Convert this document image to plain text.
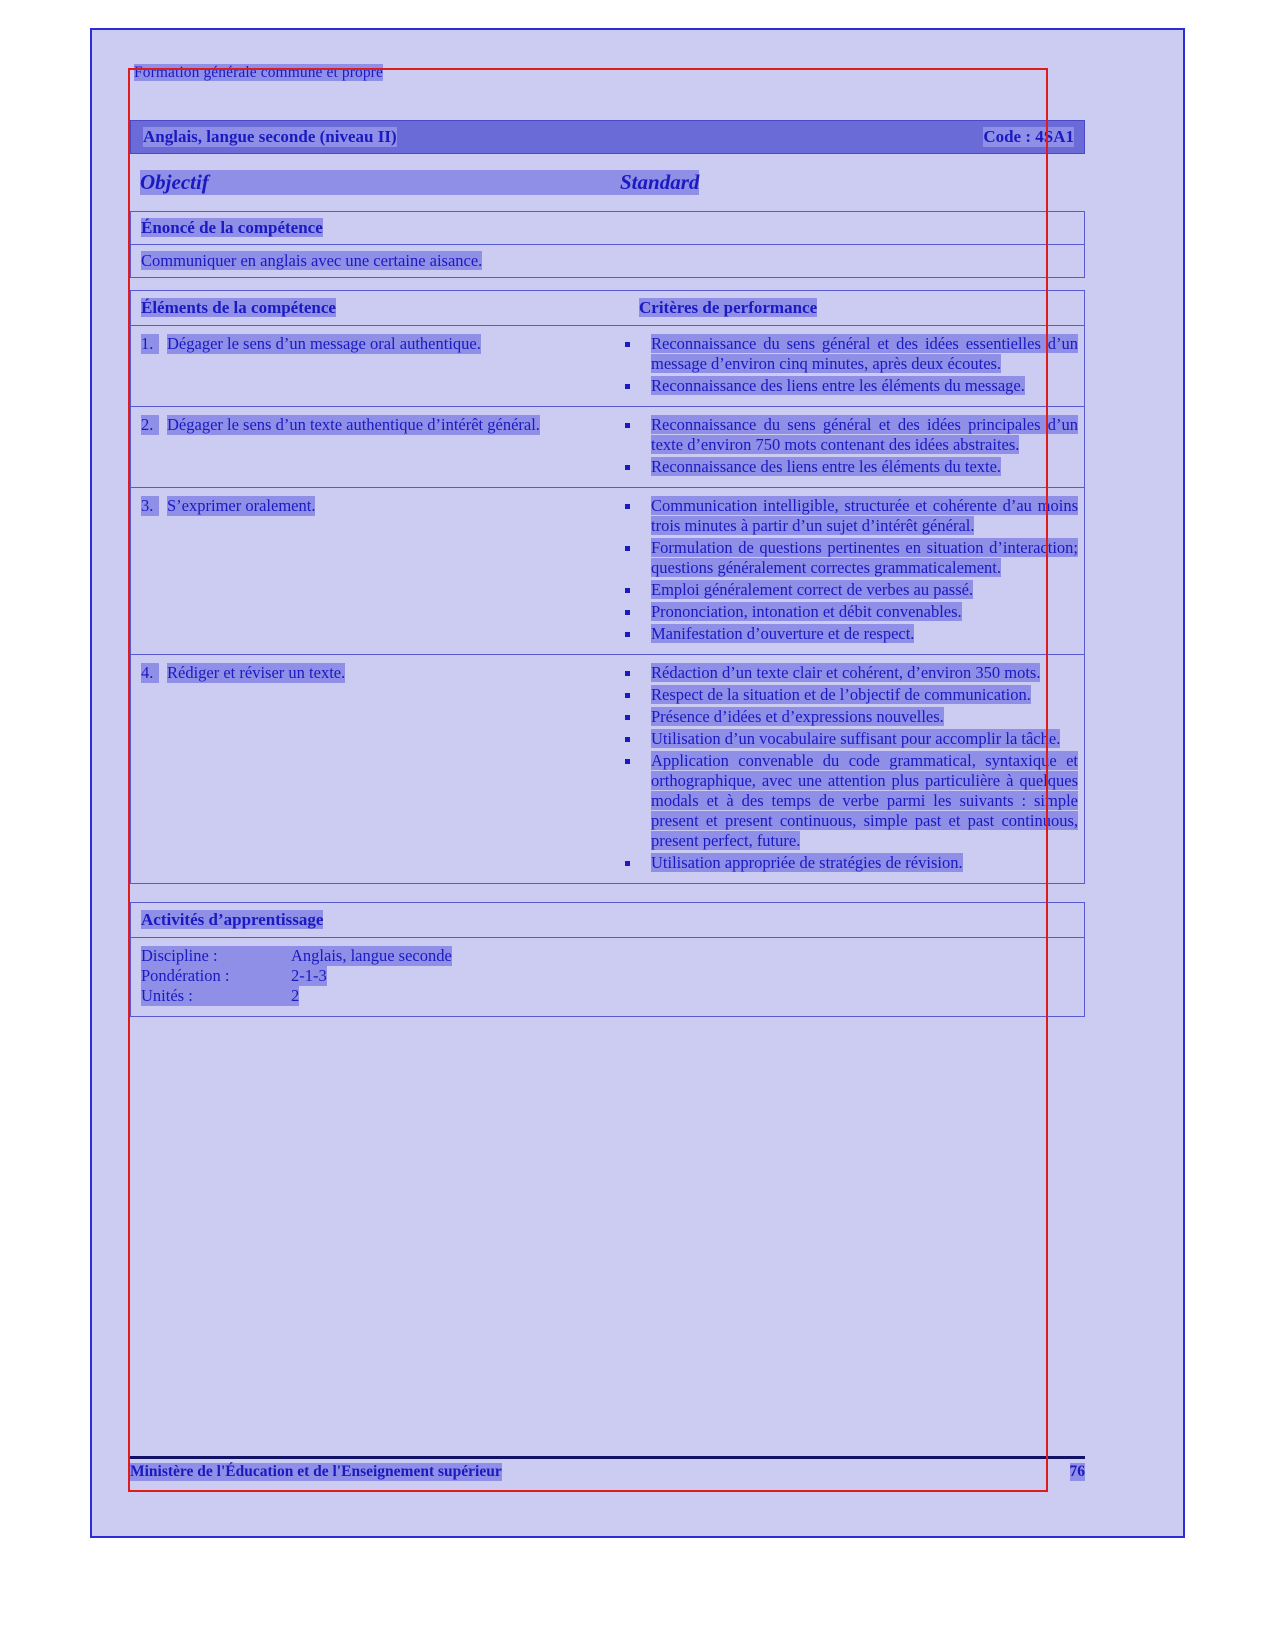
Formation générale commune et propre
Anglais, langue seconde (niveau II)	Code : 4SA1
Objectif	Standard
Énoncé de la compétence
Communiquer en anglais avec une certaine aisance.
Éléments de la compétence	Critères de performance
1. Dégager le sens d’un message oral authentique.	Reconnaissance du sens général et des idées essentielles d’un message d’environ cinq minutes, après deux écoutes.
Reconnaissance des liens entre les éléments du message.
2. Dégager le sens d’un texte authentique d’intérêt général.	Reconnaissance du sens général et des idées principales d’un texte d’environ 750 mots contenant des idées abstraites.
Reconnaissance des liens entre les éléments du texte.
3. S’exprimer oralement.	Communication intelligible, structurée et cohérente d’au moins trois minutes à partir d’un sujet d’intérêt général.
Formulation de questions pertinentes en situation d’interaction; questions généralement correctes grammaticalement.
Emploi généralement correct de verbes au passé.
Prononciation, intonation et débit convenables.
Manifestation d’ouverture et de respect.
4. Rédiger et réviser un texte.	Rédaction d’un texte clair et cohérent, d’environ 350 mots.
Respect de la situation et de l’objectif de communication.
Présence d’idées et d’expressions nouvelles.
Utilisation d’un vocabulaire suffisant pour accomplir la tâche.
Application convenable du code grammatical, syntaxique et orthographique, avec une attention plus particulière à quelques modals et à des temps de verbe parmi les suivants : simple present et present continuous, simple past et past continuous, present perfect, future.
Utilisation appropriée de stratégies de révision.
Activités d’apprentissage
Discipline :	Anglais, langue seconde
Pondération :	2-1-3
Unités :	2
Ministère de l'Éducation et de l'Enseignement supérieur	76
